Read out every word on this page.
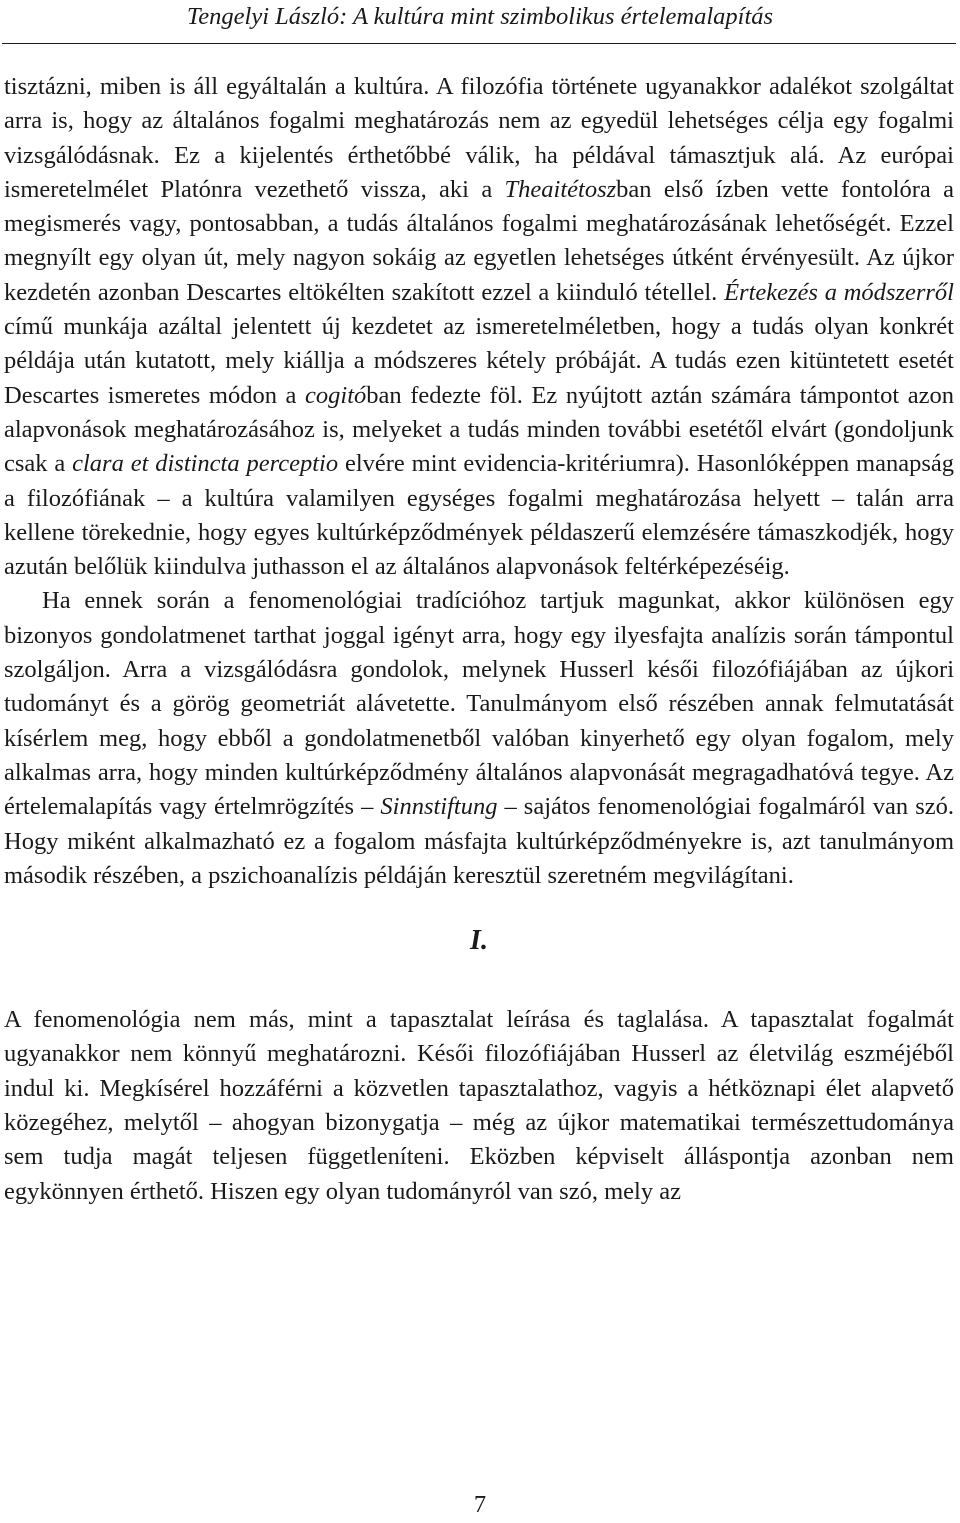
Tengelyi László: A kultúra mint szimbolikus értelemalapítás

tisztázni, miben is áll egyáltalán a kultúra. A filozófia története ugyanakkor adalékot szolgáltat arra is, hogy az általános fogalmi meghatározás nem az egyedül lehetséges célja egy fogalmi vizsgálódásnak. Ez a kijelentés érthetőbbé válik, ha példával támasztjuk alá. Az európai ismeretelmélet Platónra vezethető vissza, aki a Theaitétoszban első ízben vette fontolóra a megismerés vagy, pontosabban, a tudás általános fogalmi meghatározásának lehetőségét. Ezzel megnyílt egy olyan út, mely nagyon sokáig az egyetlen lehetséges útként érvényesült. Az újkor kezdetén azonban Descartes eltökélten szakított ezzel a kiinduló tétellel. Értekezés a módszerről című munkája azáltal jelentett új kezdetet az ismeretelméletben, hogy a tudás olyan konkrét példája után kutatott, mely kiállja a módszeres kétely próbáját. A tudás ezen kitüntetett esetét Descartes ismeretes módon a cogitóban fedezte föl. Ez nyújtott aztán számára támpontot azon alapvonások meghatározásához is, melyeket a tudás minden további esetétől elvárt (gondoljunk csak a clara et distincta perceptio elvére mint evidencia-kritériumra). Hasonlóképpen manapság a filozófiának – a kultúra valamilyen egységes fogalmi meghatározása helyett – talán arra kellene törekednie, hogy egyes kultúrképződmények példaszerű elemzésére támaszkodjék, hogy azután belőlük kiindulva juthasson el az általános alapvonások feltérképezéséig.

Ha ennek során a fenomenológiai tradícióhoz tartjuk magunkat, akkor különösen egy bizonyos gondolatmenet tarthat joggal igényt arra, hogy egy ilyesfajta analízis során támpontul szolgáljon. Arra a vizsgálódásra gondolok, melynek Husserl késői filozófiájában az újkori tudományt és a görög geometriát alávetette. Tanulmányom első részében annak felmutatását kísérlem meg, hogy ebből a gondolatmenetből valóban kinyerhető egy olyan fogalom, mely alkalmas arra, hogy minden kultúrképződmény általános alapvonását megragadhatóvá tegye. Az értelemalapítás vagy értelmrögzítés – Sinnstiftung – sajátos fenomenológiai fogalmáról van szó. Hogy miként alkalmazható ez a fogalom másfajta kultúrképződményekre is, azt tanulmányom második részében, a pszichoanalízis példáján keresztül szeretném megvilágítani.

I.

A fenomenológia nem más, mint a tapasztalat leírása és taglalása. A tapasztalat fogalmát ugyanakkor nem könnyű meghatározni. Késői filozófiájában Husserl az életvilág eszméjéből indul ki. Megkísérel hozzáférni a közvetlen tapasztalathoz, vagyis a hétköznapi élet alapvető közegéhez, melytől – ahogyan bizonygatja – még az újkor matematikai természettudománya sem tudja magát teljesen függetleníteni. Eközben képviselt álláspontja azonban nem egykönnyen érthető. Hiszen egy olyan tudományról van szó, mely az

7
